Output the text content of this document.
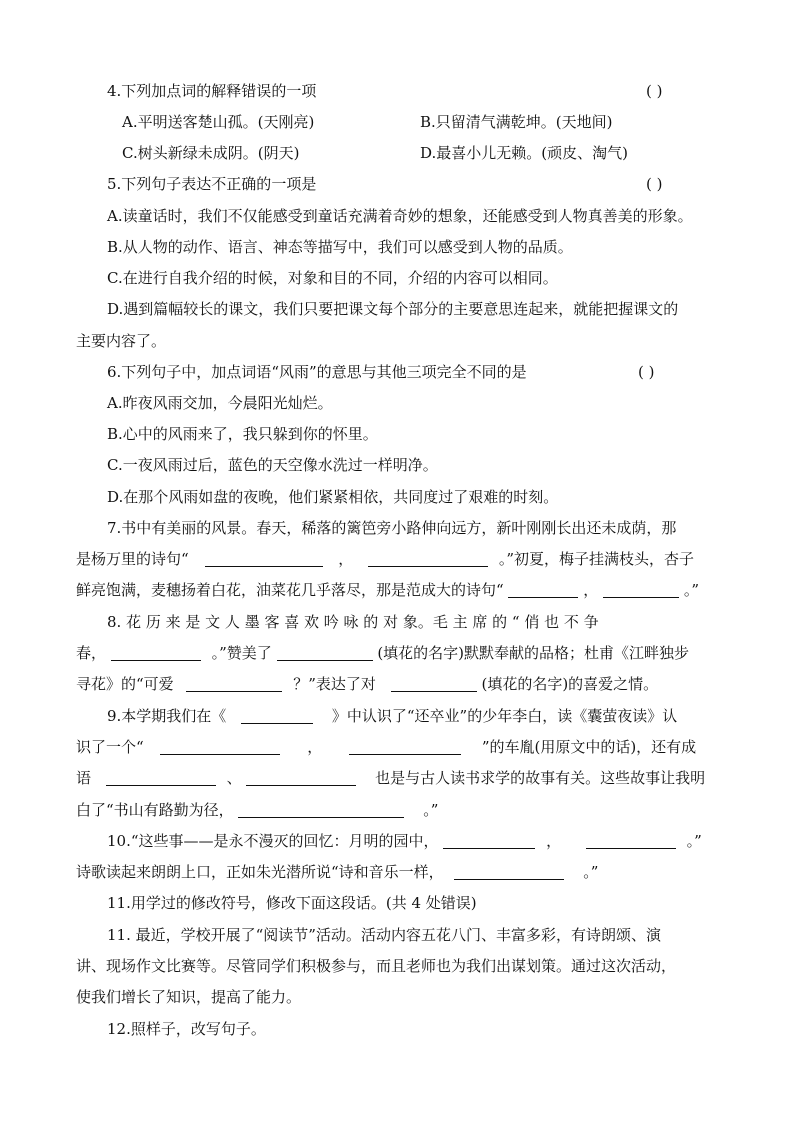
4.下列加点词的解释错误的一项	( )
A.平明送客楚山孤。(天刚亮)	B.只留清气满乾坤。(天地间)
C.树头新绿未成阴。(阴天)	D.最喜小儿无赖。(顽皮、淘气)
5.下列句子表达不正确的一项是	( )
A.读童话时，我们不仅能感受到童话充满着奇妙的想象，还能感受到人物真善美的形象。
B.从人物的动作、语言、神态等描写中，我们可以感受到人物的品质。
C.在进行自我介绍的时候，对象和目的不同，介绍的内容可以相同。
D.遇到篇幅较长的课文，我们只要把课文每个部分的主要意思连起来，就能把握课文的
主要内容了。
6.下列句子中，加点词语“风雨”的意思与其他三项完全不同的是	( )
A.昨夜风雨交加，今晨阳光灿烂。
B.心中的风雨来了，我只躲到你的怀里。
C.一夜风雨过后，蓝色的天空像水洗过一样明净。
D.在那个风雨如盘的夜晚，他们紧紧相依，共同度过了艰难的时刻。
7.书中有美丽的风景。春天，稀落的篱笆旁小路伸向远方，新叶刚刚长出还未成荫，那
是杨万里的诗句“	，	。”初夏，梅子挂满枝头，杏子
鲜亮饱满，麦穗扬着白花，油菜花几乎落尽，那是范成大的诗句“	，	。”
8. 花 历 来 是 文 人 墨 客 喜 欢 吟 咏 的 对 象。毛 主 席 的 “ 俏 也 不 争
春，	。”赞美了	(填花的名字)默默奉献的品格；杜甫《江畔独步
寻花》的“可爱	？”表达了对	(填花的名字)的喜爱之情。
9.本学期我们在《	》中认识了“还卒业”的少年李白，读《囊萤夜读》认
识了一个“	，	”的车胤(用原文中的话)，还有成
语	、	也是与古人读书求学的故事有关。这些故事让我明
白了“书山有路勤为径，	。”
10.“这些事——是永不漫灭的回忆：月明的园中，	，	。”
诗歌读起来朗朗上口，正如朱光潜所说“诗和音乐一样，	。”
11.用学过的修改符号，修改下面这段话。(共 4 处错误)
11. 最近，学校开展了“阅读节”活动。活动内容五花八门、丰富多彩，有诗朗颂、演
讲、现场作文比赛等。尽管同学们积极参与，而且老师也为我们出谋划策。通过这次活动，
使我们增长了知识，提高了能力。
12.照样子，改写句子。
